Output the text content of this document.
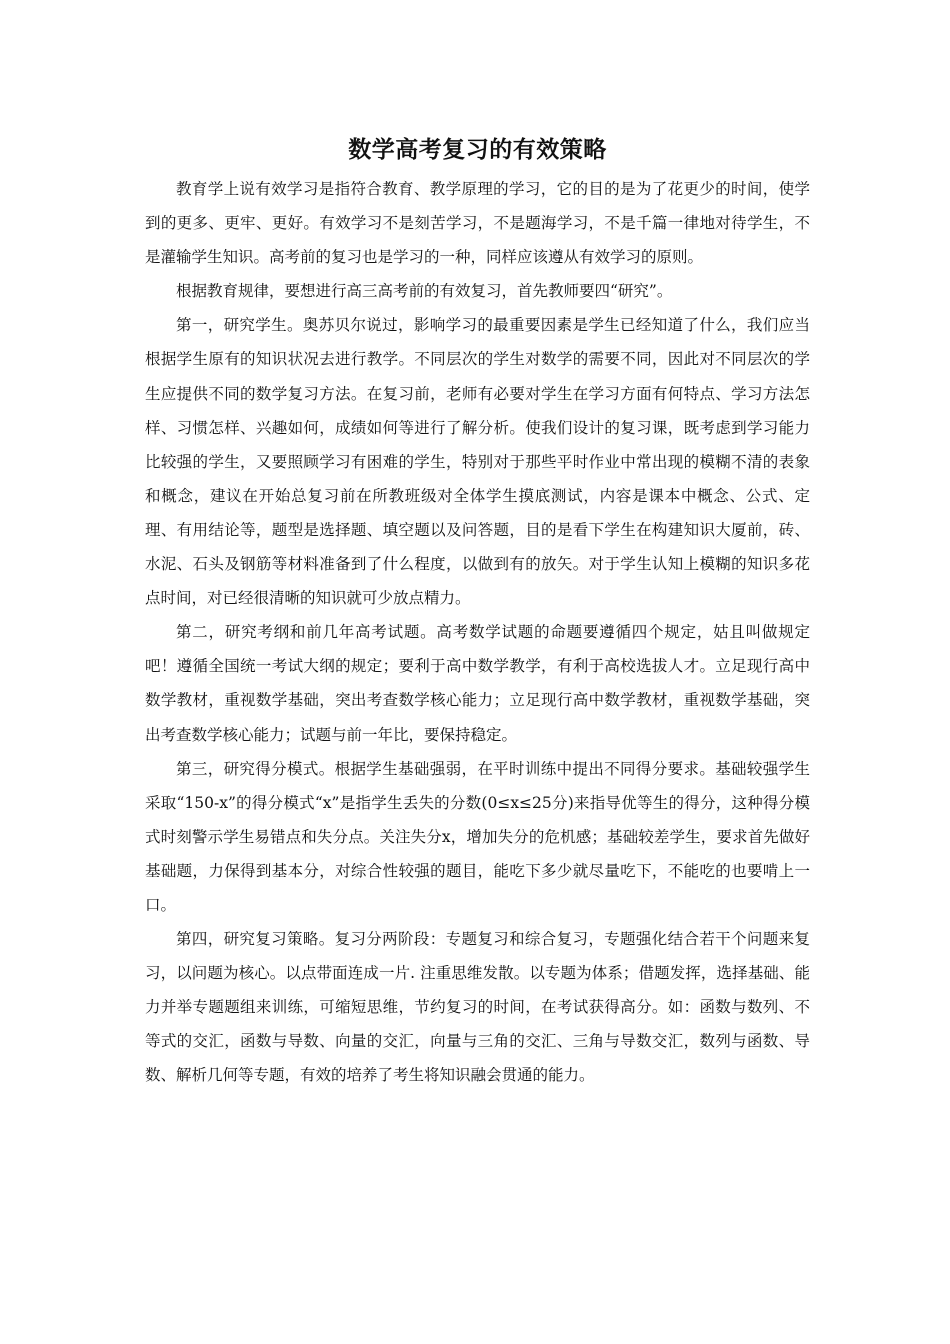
数学高考复习的有效策略

教育学上说有效学习是指符合教育、教学原理的学习，它的目的是为了花更少的时间，使学到的更多、更牢、更好。有效学习不是刻苦学习，不是题海学习，不是千篇一律地对待学生，不是灌输学生知识。高考前的复习也是学习的一种，同样应该遵从有效学习的原则。

根据教育规律，要想进行高三高考前的有效复习，首先教师要四“研究”。

第一，研究学生。奥苏贝尔说过，影响学习的最重要因素是学生已经知道了什么，我们应当根据学生原有的知识状况去进行教学。不同层次的学生对数学的需要不同，因此对不同层次的学生应提供不同的数学复习方法。在复习前，老师有必要对学生在学习方面有何特点、学习方法怎样、习惯怎样、兴趣如何，成绩如何等进行了解分析。使我们设计的复习课，既考虑到学习能力比较强的学生，又要照顾学习有困难的学生，特别对于那些平时作业中常出现的模糊不清的表象和概念，建议在开始总复习前在所教班级对全体学生摸底测试，内容是课本中概念、公式、定理、有用结论等，题型是选择题、填空题以及问答题，目的是看下学生在构建知识大厦前，砖、水泥、石头及钢筋等材料准备到了什么程度，以做到有的放矢。对于学生认知上模糊的知识多花点时间，对已经很清晰的知识就可少放点精力。

第二，研究考纲和前几年高考试题。高考数学试题的命题要遵循四个规定，姑且叫做规定吧！遵循全国统一考试大纲的规定；要利于高中数学教学，有利于高校选拔人才。立足现行高中数学教材，重视数学基础，突出考查数学核心能力；立足现行高中数学教材，重视数学基础，突出考查数学核心能力；试题与前一年比，要保持稳定。

第三，研究得分模式。根据学生基础强弱，在平时训练中提出不同得分要求。基础较强学生采取“150-x”的得分模式“x”是指学生丢失的分数(0≤x≤25分)来指导优等生的得分，这种得分模式时刻警示学生易错点和失分点。关注失分x，增加失分的危机感；基础较差学生，要求首先做好基础题，力保得到基本分，对综合性较强的题目，能吃下多少就尽量吃下，不能吃的也要啃上一口。

第四，研究复习策略。复习分两阶段：专题复习和综合复习，专题强化结合若干个问题来复习，以问题为核心。以点带面连成一片. 注重思维发散。以专题为体系；借题发挥，选择基础、能力并举专题题组来训练，可缩短思维，节约复习的时间，在考试获得高分。如：函数与数列、不等式的交汇，函数与导数、向量的交汇，向量与三角的交汇、三角与导数交汇，数列与函数、导数、解析几何等专题，有效的培养了考生将知识融会贯通的能力。
